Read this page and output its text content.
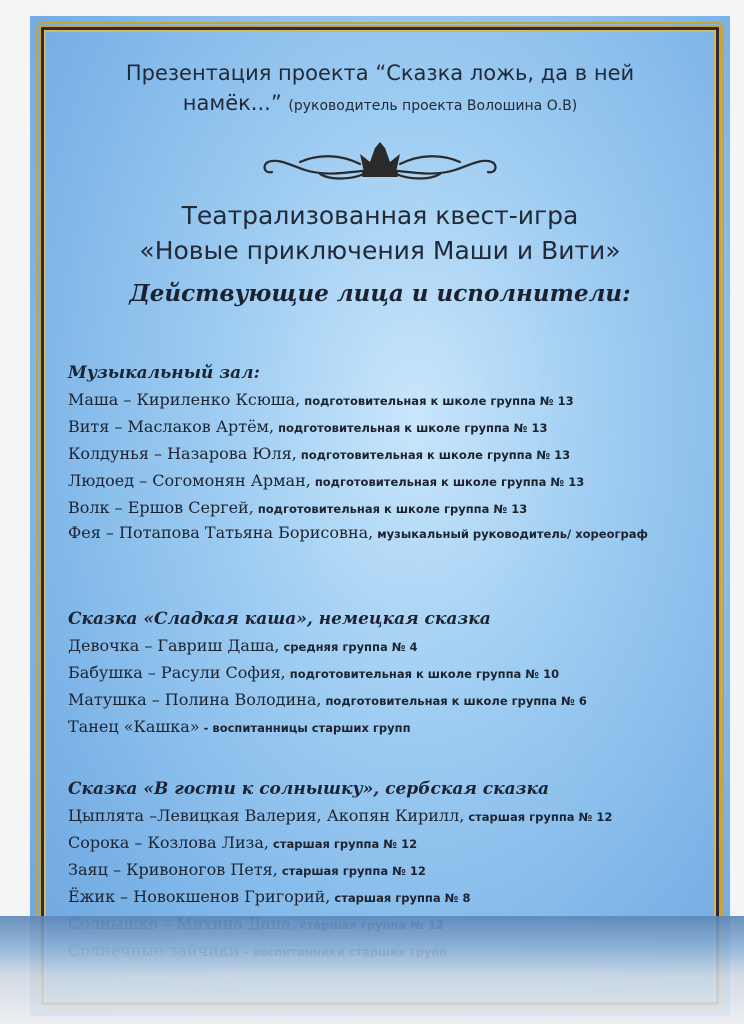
Презентация проекта “Сказка ложь, да в ней
намёк...” (руководитель проекта Волошина О.В)
Театрализованная квест-игра
«Новые приключения Маши и Вити»
Действующие лица и исполнители:
Музыкальный зал:
Маша – Кириленко Ксюша, подготовительная к школе группа № 13
Витя – Маслаков Артём, подготовительная к школе группа № 13
Колдунья – Назарова Юля, подготовительная к школе группа № 13
Людоед – Согомонян Арман, подготовительная к школе группа № 13
Волк – Ершов Сергей, подготовительная к школе группа № 13
Фея – Потапова Татьяна Борисовна, музыкальный руководитель/ хореограф
Сказка «Сладкая каша», немецкая сказка
Девочка – Гавриш Даша, средняя группа № 4
Бабушка – Расули София, подготовительная к школе группа № 10
Матушка – Полина Володина, подготовительная к школе группа № 6
Танец «Кашка» - воспитанницы старших групп
Сказка «В гости к солнышку», сербская сказка
Цыплята –Левицкая Валерия, Акопян Кирилл, старшая группа № 12
Сорока – Козлова Лиза, старшая группа № 12
Заяц – Кривоногов Петя, старшая группа № 12
Ёжик – Новокшенов Григорий, старшая группа № 8
